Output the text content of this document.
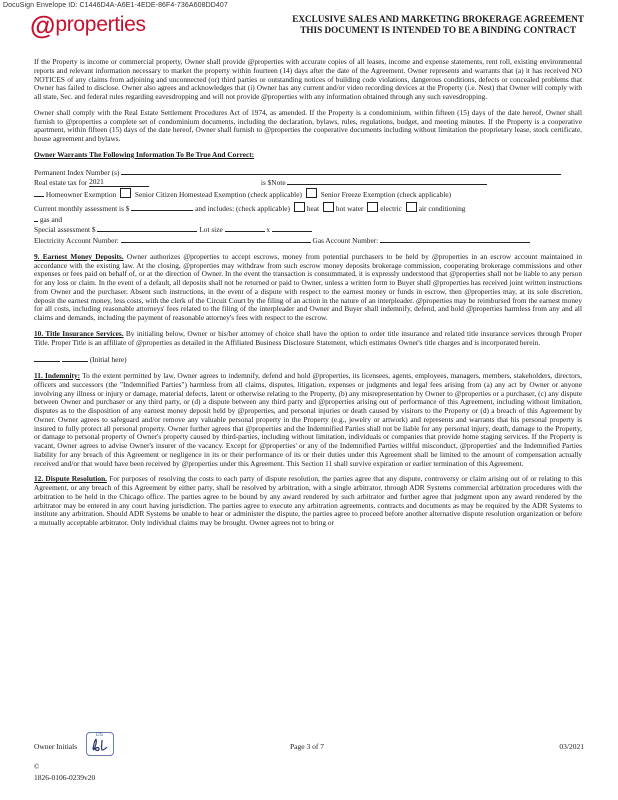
DocuSign Envelope ID: C1446D4A-A6E1-4EDE-86F4-736A608DD407
@ properties	EXCLUSIVE SALES AND MARKETING BROKERAGE AGREEMENT
THIS DOCUMENT IS INTENDED TO BE A BINDING CONTRACT

If the Property is income or commercial property, Owner shall provide @properties with accurate copies of all leases, income and expense statements, rent roll, existing environmental reports and relevant information necessary to market the property within fourteen (14) days after the date of the Agreement. Owner represents and warrants that (a) it has received NO NOTICES of any claims from adjoining and unconnected (or) third parties or outstanding notices of building code violations, dangerous conditions, defects or concealed problems that Owner has failed to disclose. Owner also agrees and acknowledges that (i) Owner has any current and/or video recording devices at the Property (i.e. Nest) that Owner will comply with all state, Sec. and federal rules regarding eavesdropping and will not provide @properties with any information obtained through any such eavesdropping.

Owner shall comply with the Real Estate Settlement Procedures Act of 1974, as amended. If the Property is a condominium, within fifteen (15) days of the date hereof, Owner shall furnish to @properties a complete set of condominium documents, including the declaration, bylaws, rules, regulations, budget, and meeting minutes. If the Property is a cooperative apartment, within fifteen (15) days of the date hereof, Owner shall furnish to @properties the cooperative documents including without limitation the proprietary lease, stock certificate, house agreement and bylaws.

Owner Warrants The Following Information To Be True And Correct:
Permanent Index Number (s)
Real estate tax for 2021	is $Note
Homeowner Exemption	Senior Citizen Homestead Exemption (check applicable)	Senior Freeze Exemption (check applicable)
Current monthly assessment is $	and includes: (check applicable) heat hot water electric air conditioning
gas and
Special assessment $	Lot size	x
Electricity Account Number:	Gas Account Number:

9. Earnest Money Deposits. Owner authorizes @properties to accept escrows, money from potential purchasers to be held by @properties in an escrow account maintained in accordance with the existing law. At the closing, @properties may withdraw from such escrow money deposits brokerage commission, cooperating brokerage commissions and other expenses or fees paid on behalf of, or at the direction of Owner. In the event the transaction is consummated, it is expressly understood that @properties shall not be liable to any person for any loss or claim. In the event of a default, all deposits shall not be returned or paid to Owner, unless a written form to Buyer shall @properties has received joint written instructions from Owner and the purchaser. Absent such instructions, in the event of a dispute with respect to the earnest money or funds in escrow, then @properties may, at its sole discretion, deposit the earnest money, less costs, with the clerk of the Circuit Court by the filing of an action in the nature of an interpleader. @properties may be reimbursed from the earnest money for all costs, including reasonable attorneys' fees related to the filing of the interpleader and Owner and Buyer shall indemnify, defend, and hold @properties harmless from any and all claims and demands, including the payment of reasonable attorney's fees with respect to the escrow.

10. Title Insurance Services. By initialing below, Owner or his/her attorney of choice shall have the option to order title insurance and related title insurance services through Proper Title. Proper Title is an affiliate of @properties as detailed in the Affiliated Business Disclosure Statement, which estimates Owner's title charges and is incorporated herein.

(Initial here)

11. Indemnity: To the extent permitted by law, Owner agrees to indemnify, defend and hold @properties, its licensees, agents, employees, managers, members, stakeholders, directors, officers and successors (the "Indemnified Parties") harmless from all claims, disputes, litigation, expenses or judgments and legal fees arising from (a) any act by Owner or anyone involving any illness or injury or damage, material defects, latent or otherwise relating to the Property, (b) any misrepresentation by Owner to @properties or a purchaser, (c) any dispute between Owner and purchaser or any third party, or (d) a dispute between any third party and @properties arising out of performance of this Agreement, including without limitation, disputes as to the disposition of any earnest money deposit held by @properties, and personal injuries or death caused by visitors to the Property or (d) a breach of this Agreement by Owner. Owner agrees to safeguard and/or remove any valuable personal property in the Property (e.g., jewelry or artwork) and represents and warrants that his personal property is insured to fully protect all personal property. Owner further agrees that @properties and the Indemnified Parties shall not be liable for any personal injury, death, damage to the Property, or damage to personal property of Owner's property caused by third-parties, including without limitation, individuals or companies that provide home staging services. If the Property is vacant, Owner agrees to advise Owner's insurer of the vacancy. Except for @properties' or any of the Indemnified Parties willful misconduct, @properties' and the Indemnified Parties liability for any breach of this Agreement or negligence in its or their performance of its or their duties under this Agreement shall be limited to the amount of compensation actually received and/or that would have been received by @properties under this Agreement. This Section 11 shall survive expiration or earlier termination of this Agreement.

12. Dispute Resolution. For purposes of resolving the costs to each party of dispute resolution, the parties agree that any dispute, controversy or claim arising out of or relating to this Agreement, or any breach of this Agreement by either party, shall be resolved by arbitration, with a single arbitrator, through ADR Systems commercial arbitration procedures with the arbitration to be held in the Chicago office. The parties agree to be bound by any award rendered by such arbitrator and further agree that judgment upon any award rendered by the arbitrator may be entered in any court having jurisdiction. The parties agree to execute any arbitration agreements, contracts and documents as may be required by the ADR Systems to institute any arbitration. Should ADR Systems be unable to hear or administer the dispute, the parties agree to proceed before another alternative dispute resolution organization or before a mutually acceptable arbitrator. Only individual claims may be brought. Owner agrees not to bring or

Owner Initials	Page 3 of 7	03/2021
DS
©
1826-0106-0239v20
